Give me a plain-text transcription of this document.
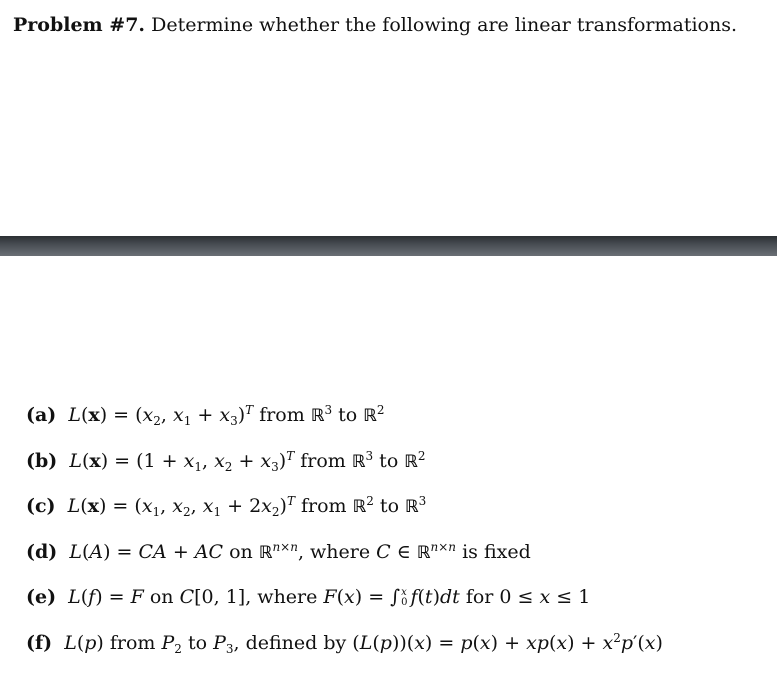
Problem #7. Determine whether the following are linear transformations.
(a) $L(x) = (x_2$, $x_1 + x_3)^T$ from ℝ$^3$ to ℝ$^2$
(b) $L(x) = (1 + x_1$, $x_2 + x_3)^T$ from ℝ$^3$ to ℝ$^2$
(c) $L(x) = (x_1$, $x_2$, $x_1 + 2x_2)^T$ from ℝ$^2$ to ℝ$^3$
(d) L(A) = CA + AC on ℝ$^{n\times n}$, where C ∈ ℝ$^{n\times n}$ is fixed
(e) L(f) = F on C[0, 1], where F(x) = ∫ x
0 f(t)dt for 0 ≤ x ≤ 1
(f) L(p) from $P_2$ to $P_3$, defined by $(L(p))(x) = p(x) + xp(x) + x^2p'(x)$
